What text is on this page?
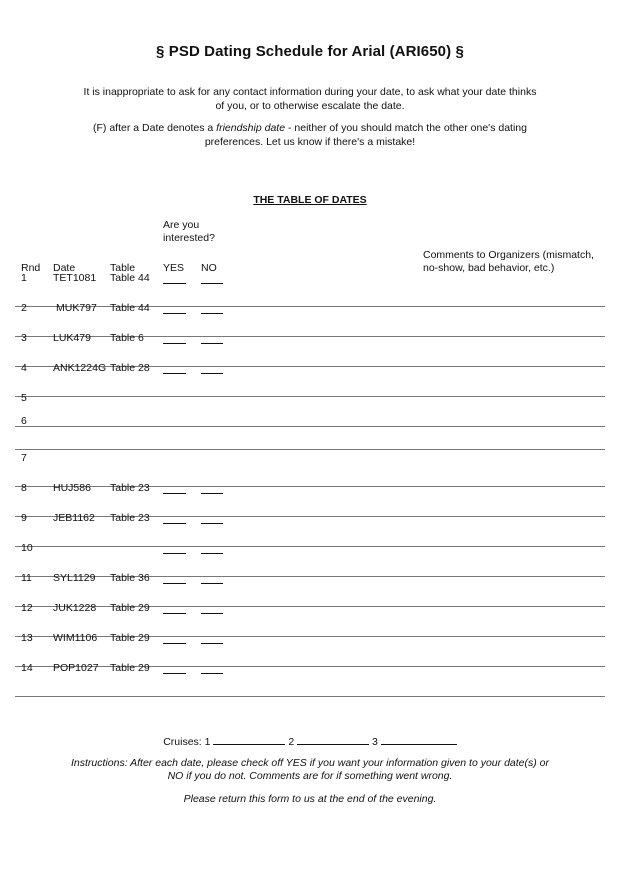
§ PSD Dating Schedule for Arial (ARI650) §
It is inappropriate to ask for any contact information during your date, to ask what your date thinks of you, or to otherwise escalate the date.
(F) after a Date denotes a friendship date - neither of you should match the other one's dating preferences. Let us know if there's a mistake!
THE TABLE OF DATES
Are you interested?
Rnd Date	Table	YES NO
Comments to Organizers (mismatch, no-show, bad behavior, etc.)
1 TET1081 Table 44
2	MUK797 Table 44
3 LUK479 Table 6
4 ANK1224G Table 28
5
6
7
8 HUJ586 Table 23
9 JEB1162 Table 23
10
11 SYL1129 Table 36
12 JUK1228 Table 29
13 WIM1106 Table 29
14 POP1027 Table 29
Cruises: 1	2	3
Instructions: After each date, please check off YES if you want your information given to your date(s) or NO if you do not. Comments are for if something went wrong.
Please return this form to us at the end of the evening.
